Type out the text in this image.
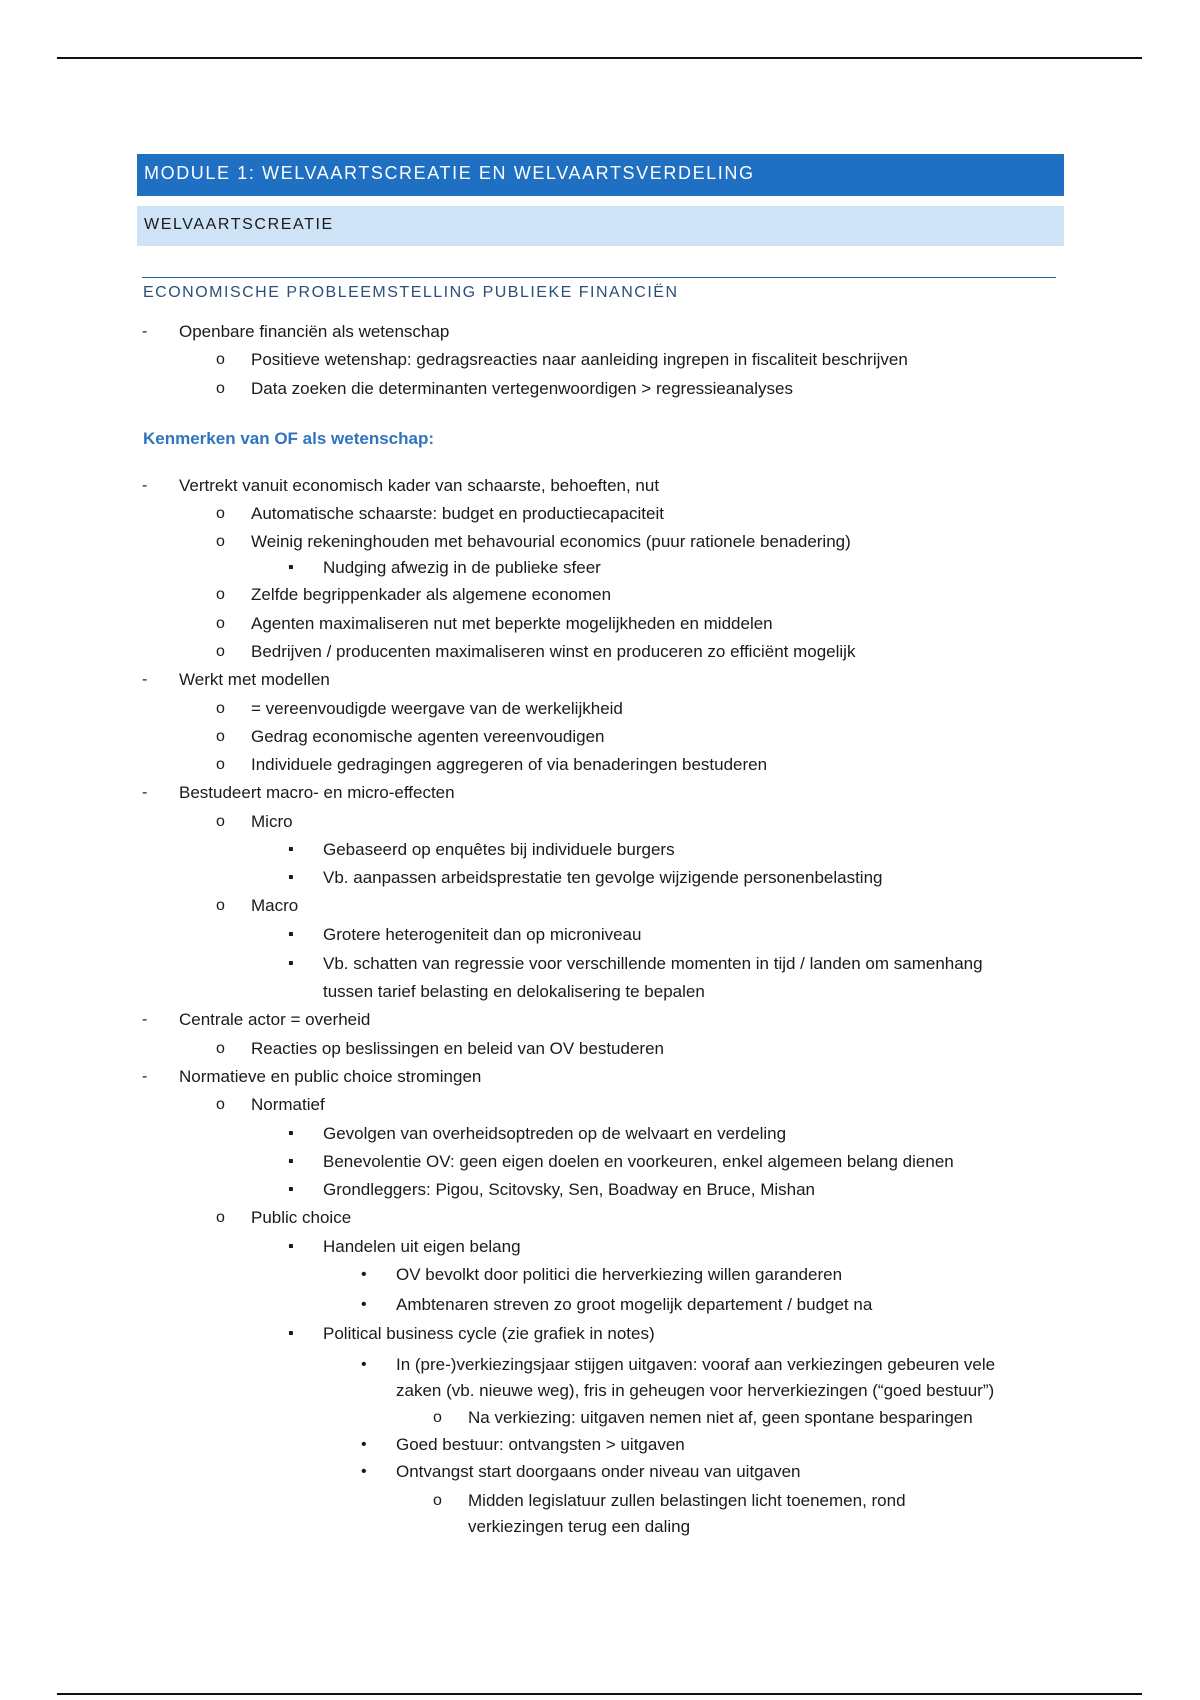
MODULE 1: WELVAARTSCREATIE EN WELVAARTSVERDELING
WELVAARTSCREATIE
ECONOMISCHE PROBLEEMSTELLING PUBLIEKE FINANCIËN
- Openbare financiën als wetenschap
o Positieve wetenshap: gedragsreacties naar aanleiding ingrepen in fiscaliteit beschrijven
o Data zoeken die determinanten vertegenwoordigen > regressieanalyses
Kenmerken van OF als wetenschap:
- Vertrekt vanuit economisch kader van schaarste, behoeften, nut
o Automatische schaarste: budget en productiecapaciteit
o Weinig rekeninghouden met behavourial economics (puur rationele benadering)
▪ Nudging afwezig in de publieke sfeer
o Zelfde begrippenkader als algemene economen
o Agenten maximaliseren nut met beperkte mogelijkheden en middelen
o Bedrijven / producenten maximaliseren winst en produceren zo efficiënt mogelijk
- Werkt met modellen
o = vereenvoudigde weergave van de werkelijkheid
o Gedrag economische agenten vereenvoudigen
o Individuele gedragingen aggregeren of via benaderingen bestuderen
- Bestudeert macro- en micro-effecten
o Micro
▪ Gebaseerd op enquêtes bij individuele burgers
▪ Vb. aanpassen arbeidsprestatie ten gevolge wijzigende personenbelasting
o Macro
▪ Grotere heterogeniteit dan op microniveau
▪ Vb. schatten van regressie voor verschillende momenten in tijd / landen om samenhang
tussen tarief belasting en delokalisering te bepalen
- Centrale actor = overheid
o Reacties op beslissingen en beleid van OV bestuderen
- Normatieve en public choice stromingen
o Normatief
▪ Gevolgen van overheidsoptreden op de welvaart en verdeling
▪ Benevolentie OV: geen eigen doelen en voorkeuren, enkel algemeen belang dienen
▪ Grondleggers: Pigou, Scitovsky, Sen, Boadway en Bruce, Mishan
o Public choice
▪ Handelen uit eigen belang
• OV bevolkt door politici die herverkiezing willen garanderen
• Ambtenaren streven zo groot mogelijk departement / budget na
▪ Political business cycle (zie grafiek in notes)
• In (pre-)verkiezingsjaar stijgen uitgaven: vooraf aan verkiezingen gebeuren vele
zaken (vb. nieuwe weg), fris in geheugen voor herverkiezingen (“goed bestuur”)
o Na verkiezing: uitgaven nemen niet af, geen spontane besparingen
• Goed bestuur: ontvangsten > uitgaven
• Ontvangst start doorgaans onder niveau van uitgaven
o Midden legislatuur zullen belastingen licht toenemen, rond
verkiezingen terug een daling
